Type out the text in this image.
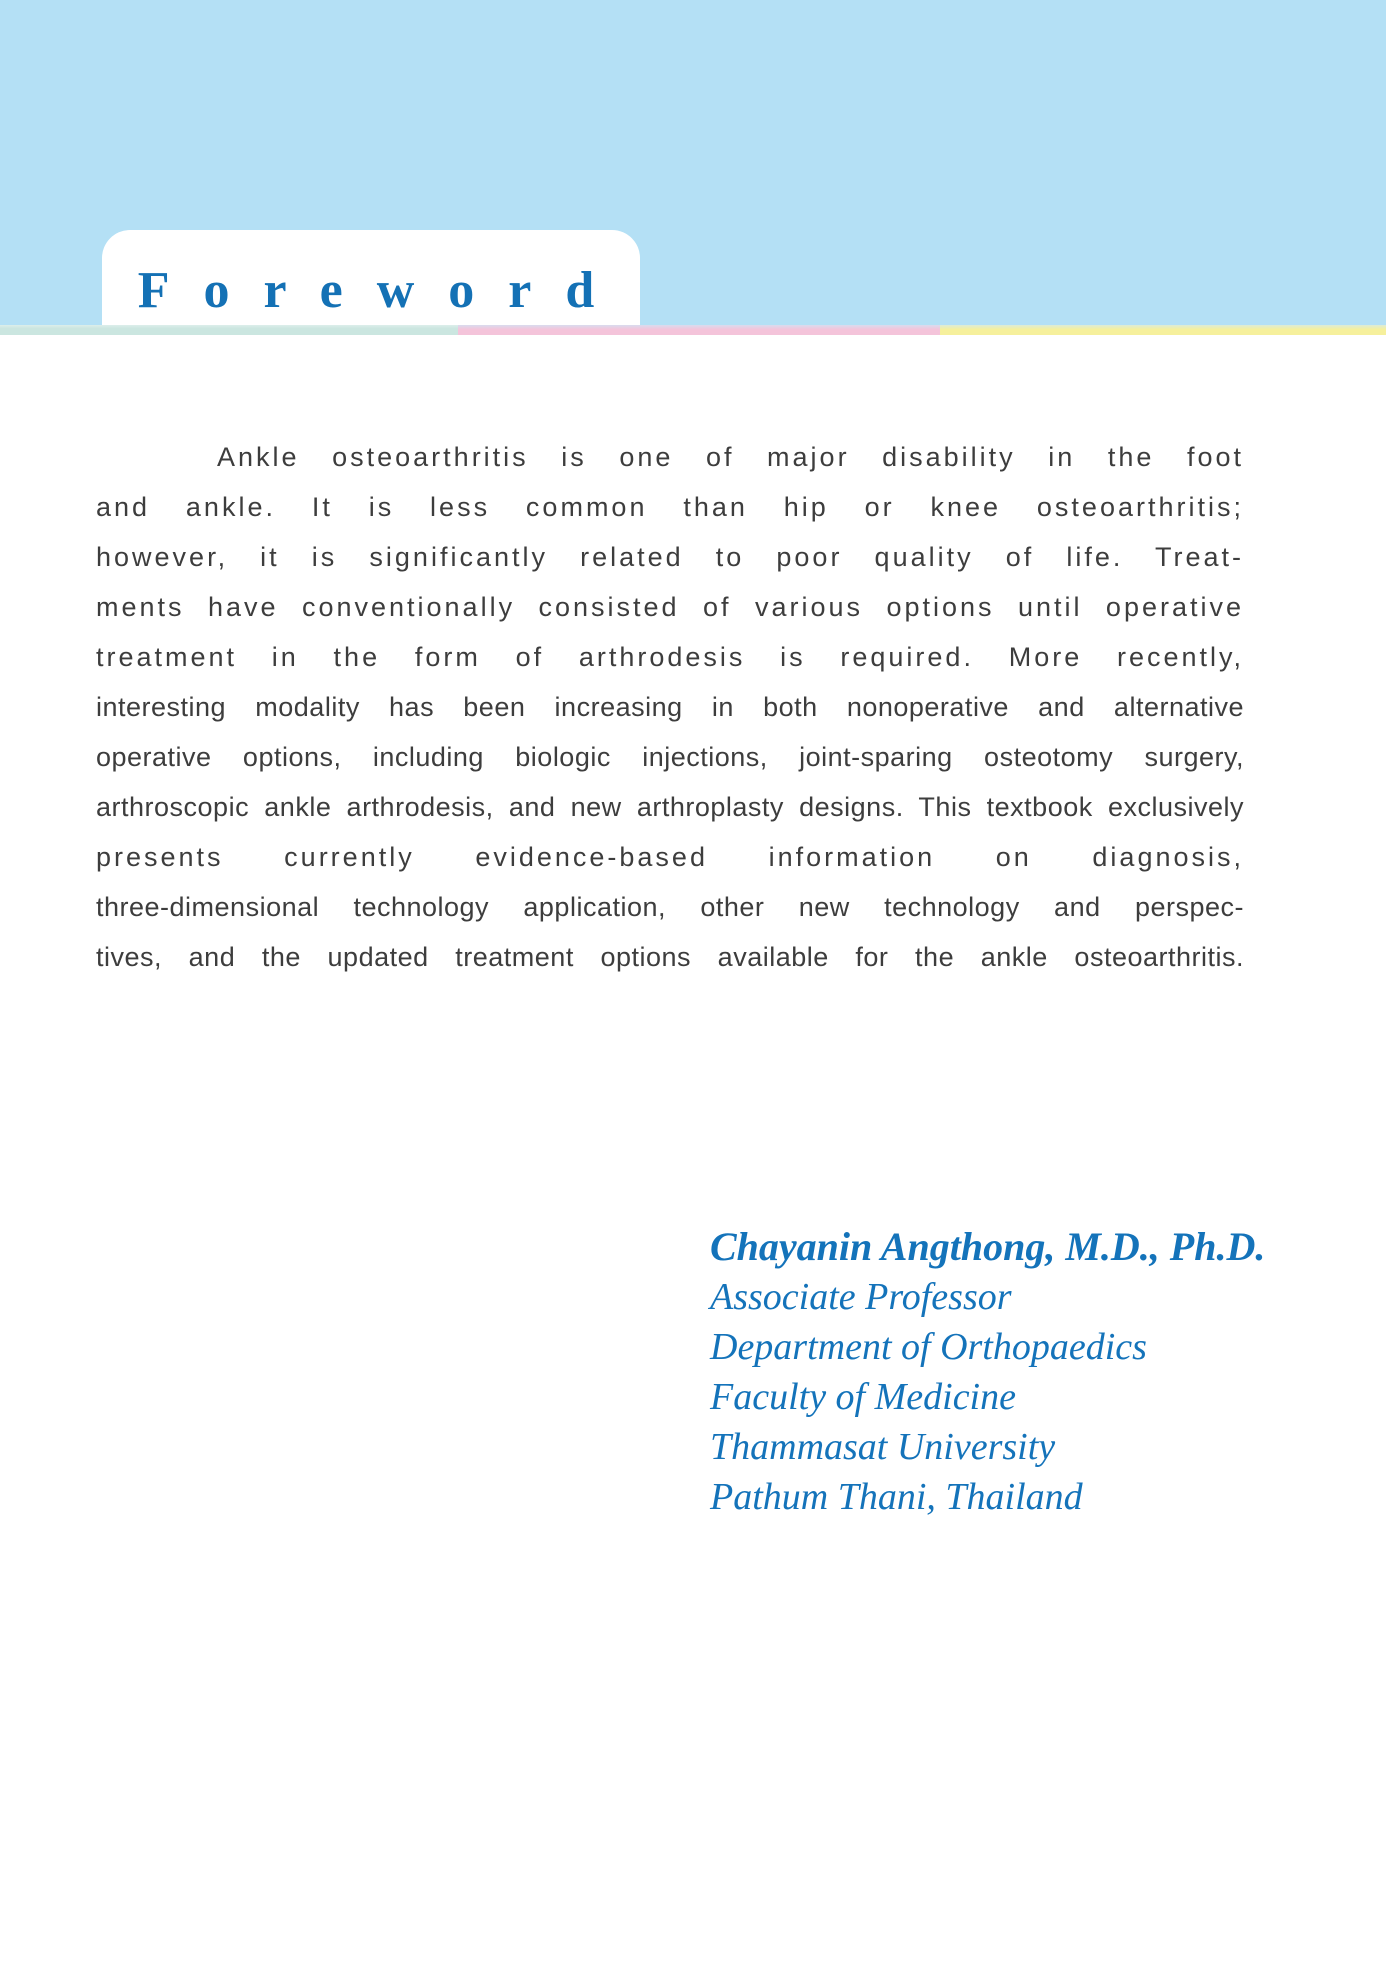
Foreword
Ankle osteoarthritis is one of major disability in the foot
and ankle. It is less common than hip or knee osteoarthritis;
however, it is significantly related to poor quality of life. Treat-
ments have conventionally consisted of various options until operative
treatment in the form of arthrodesis is required. More recently,
interesting modality has been increasing in both nonoperative and alternative
operative options, including biologic injections, joint-sparing osteotomy surgery,
arthroscopic ankle arthrodesis, and new arthroplasty designs. This textbook exclusively
presents currently evidence-based information on diagnosis,
three-dimensional technology application, other new technology and perspec-
tives, and the updated treatment options available for the ankle osteoarthritis.
Chayanin Angthong, M.D., Ph.D.
Associate Professor
Department of Orthopaedics
Faculty of Medicine
Thammasat University
Pathum Thani, Thailand
